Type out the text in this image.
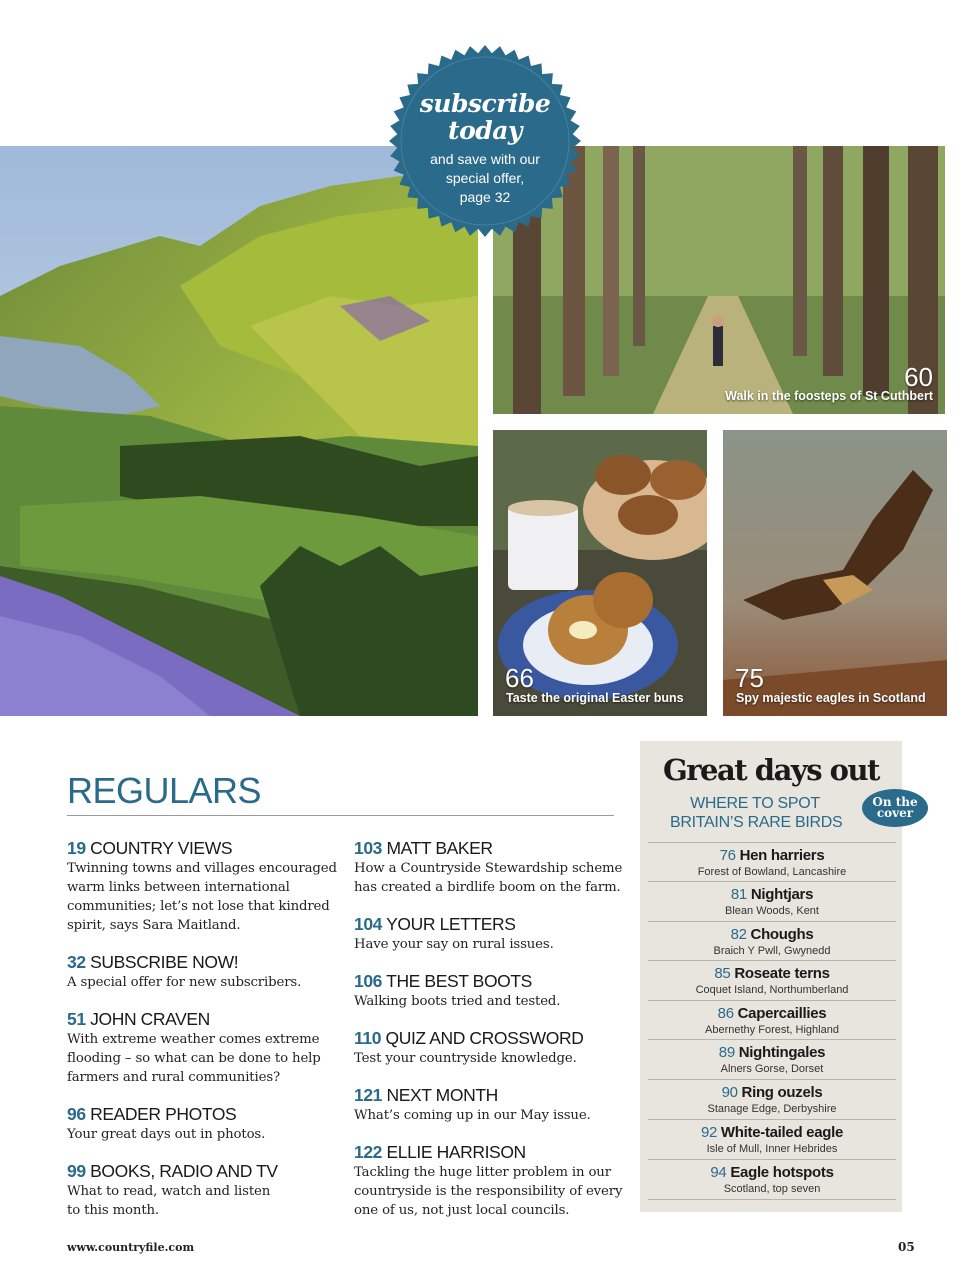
60
Walk in the foosteps of St Cuthbert
66
Taste the original Easter buns
75
Spy majestic eagles in Scotland
subscribe
today
and save with our
special offer,
page 32
REGULARS
19 COUNTRY VIEWS
Twinning towns and villages encouraged
warm links between international
communities; let’s not lose that kindred
spirit, says Sara Maitland.
32 SUBSCRIBE NOW!
A special offer for new subscribers.
51 JOHN CRAVEN
With extreme weather comes extreme
flooding – so what can be done to help
farmers and rural communities?
96 READER PHOTOS
Your great days out in photos.
99 BOOKS, RADIO AND TV
What to read, watch and listen
to this month.
103 MATT BAKER
How a Countryside Stewardship scheme
has created a birdlife boom on the farm.
104 YOUR LETTERS
Have your say on rural issues.
106 THE BEST BOOTS
Walking boots tried and tested.
110 QUIZ AND CROSSWORD
Test your countryside knowledge.
121 NEXT MONTH
What’s coming up in our May issue.
122 ELLIE HARRISON
Tackling the huge litter problem in our
countryside is the responsibility of every
one of us, not just local councils.
Great days out
WHERE TO SPOT
BRITAIN’S RARE BIRDS
On the
cover
76 Hen harriers
Forest of Bowland, Lancashire
81 Nightjars
Blean Woods, Kent
82 Choughs
Braich Y Pwll, Gwynedd
85 Roseate terns
Coquet Island, Northumberland
86 Capercaillies
Abernethy Forest, Highland
89 Nightingales
Alners Gorse, Dorset
90 Ring ouzels
Stanage Edge, Derbyshire
92 White-tailed eagle
Isle of Mull, Inner Hebrides
94 Eagle hotspots
Scotland, top seven
www.countryfile.com	05
